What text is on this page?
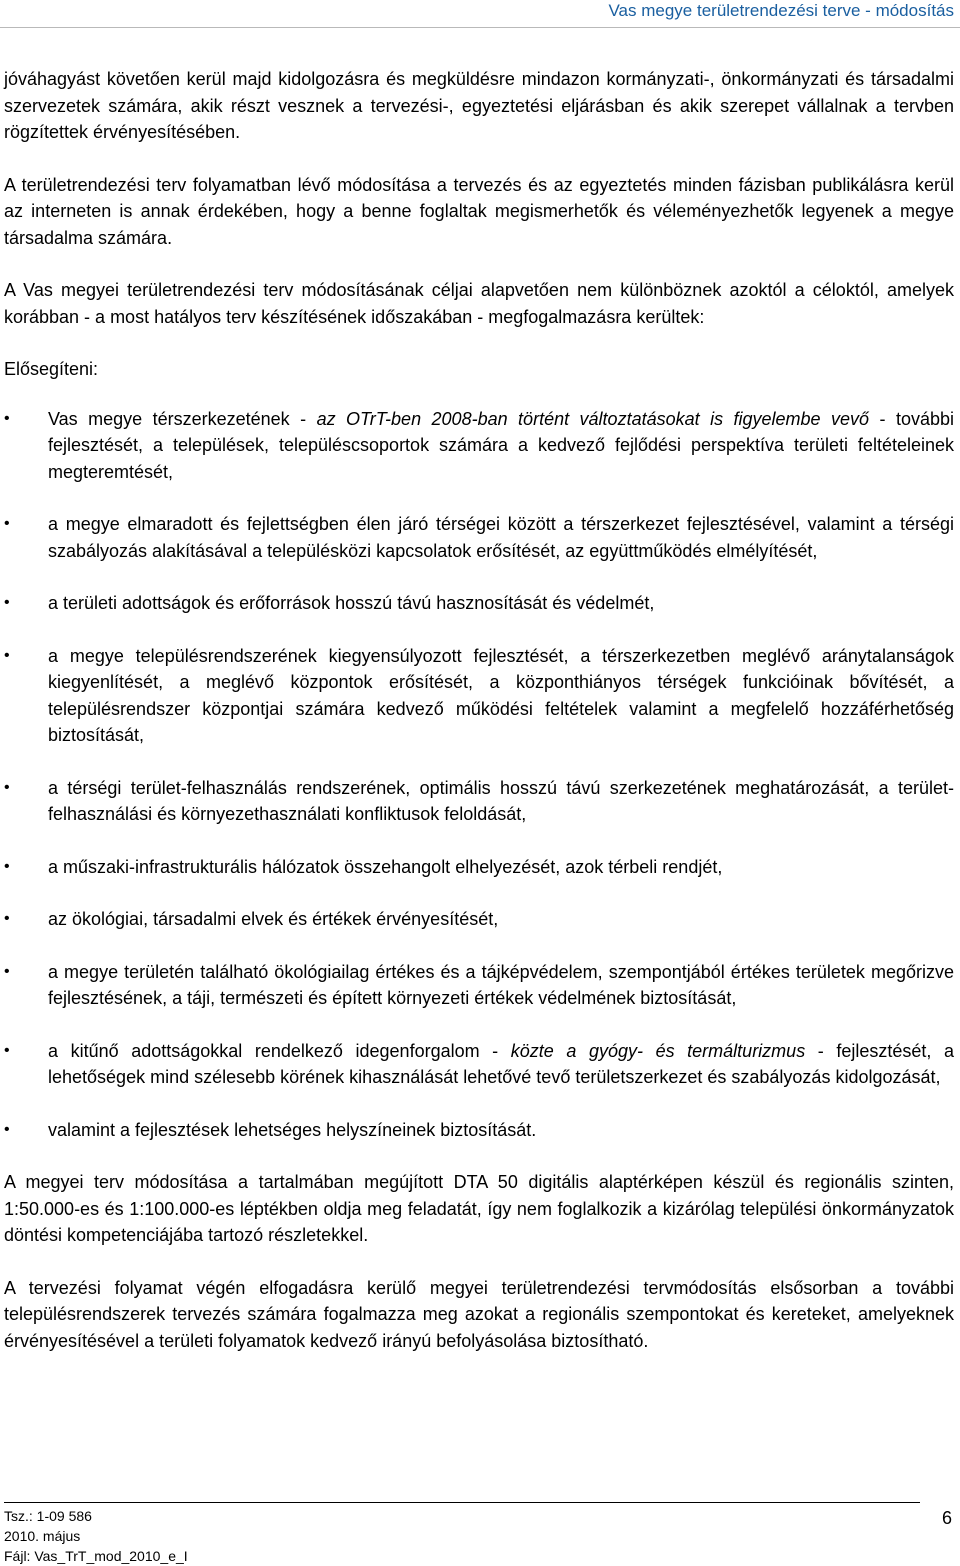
Vas megye területrendezési terve - módosítás

jóváhagyást követően kerül majd kidolgozásra és megküldésre mindazon kormányzati-, önkormányzati és társadalmi szervezetek számára, akik részt vesznek a tervezési-, egyeztetési eljárásban és akik szerepet vállalnak a tervben rögzítettek érvényesítésében.

A területrendezési terv folyamatban lévő módosítása a tervezés és az egyeztetés minden fázisban publikálásra kerül az interneten is annak érdekében, hogy a benne foglaltak megismerhetők és véleményezhetők legyenek a megye társadalma számára.

A Vas megyei területrendezési terv módosításának céljai alapvetően nem különböznek azoktól a céloktól, amelyek korábban - a most hatályos terv készítésének időszakában - megfogalmazásra kerültek:

Elősegíteni:

• Vas megye térszerkezetének - az OTrT-ben 2008-ban történt változtatásokat is figyelembe vevő - további fejlesztését, a települések, településcsoportok számára a kedvező fejlődési perspektíva területi feltételeinek megteremtését,
• a megye elmaradott és fejlettségben élen járó térségei között a térszerkezet fejlesztésével, valamint a térségi szabályozás alakításával a településközi kapcsolatok erősítését, az együttműködés elmélyítését,
• a területi adottságok és erőforrások hosszú távú hasznosítását és védelmét,
• a megye településrendszerének kiegyensúlyozott fejlesztését, a térszerkezetben meglévő aránytalanságok kiegyenlítését, a meglévő központok erősítését, a központhiányos térségek funkcióinak bővítését, a településrendszer központjai számára kedvező működési feltételek valamint a megfelelő hozzáférhetőség biztosítását,
• a térségi terület-felhasználás rendszerének, optimális hosszú távú szerkezetének meghatározását, a terület-felhasználási és környezethasználati konfliktusok feloldását,
• a műszaki-infrastrukturális hálózatok összehangolt elhelyezését, azok térbeli rendjét,
• az ökológiai, társadalmi elvek és értékek érvényesítését,
• a megye területén található ökológiailag értékes és a tájképvédelem, szempontjából értékes területek megőrizve fejlesztésének, a táji, természeti és épített környezeti értékek védelmének biztosítását,
• a kitűnő adottságokkal rendelkező idegenforgalom - közte a gyógy- és termálturizmus - fejlesztését, a lehetőségek mind szélesebb körének kihasználását lehetővé tevő területszerkezet és szabályozás kidolgozását,
• valamint a fejlesztések lehetséges helyszíneinek biztosítását.

A megyei terv módosítása a tartalmában megújított DTA 50 digitális alaptérképen készül és regionális szinten, 1:50.000-es és 1:100.000-es léptékben oldja meg feladatát, így nem foglalkozik a kizárólag települési önkormányzatok döntési kompetenciájába tartozó részletekkel.

A tervezési folyamat végén elfogadásra kerülő megyei területrendezési tervmódosítás elsősorban a további településrendszerek tervezés számára fogalmazza meg azokat a regionális szempontokat és kereteket, amelyeknek érvényesítésével a területi folyamatok kedvező irányú befolyásolása biztosítható.

Tsz.: 1-09 586
2010. május
Fájl: Vas_TrT_mod_2010_e_I
6
